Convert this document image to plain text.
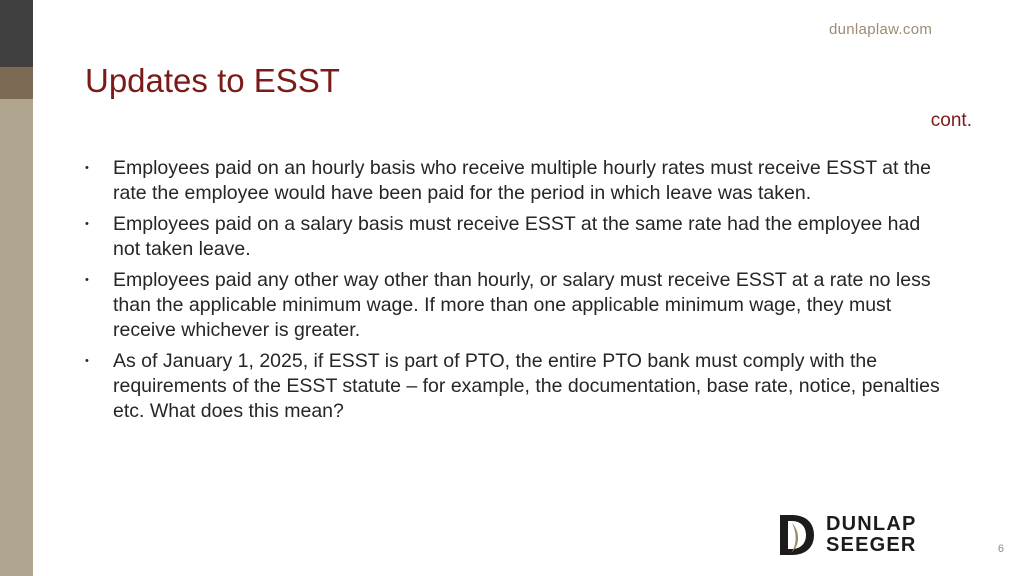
dunlaplaw.com
Updates to ESST
cont.
• Employees paid on an hourly basis who receive multiple hourly rates must receive ESST at the rate the employee would have been paid for the period in which leave was taken.
• Employees paid on a salary basis must receive ESST at the same rate had the employee had not taken leave.
• Employees paid any other way other than hourly, or salary must receive ESST at a rate no less than the applicable minimum wage. If more than one applicable minimum wage, they must receive whichever is greater.
• As of January 1, 2025, if ESST is part of PTO, the entire PTO bank must comply with the requirements of the ESST statute – for example, the documentation, base rate, notice, penalties etc. What does this mean?
DUNLAP
SEEGER	6
